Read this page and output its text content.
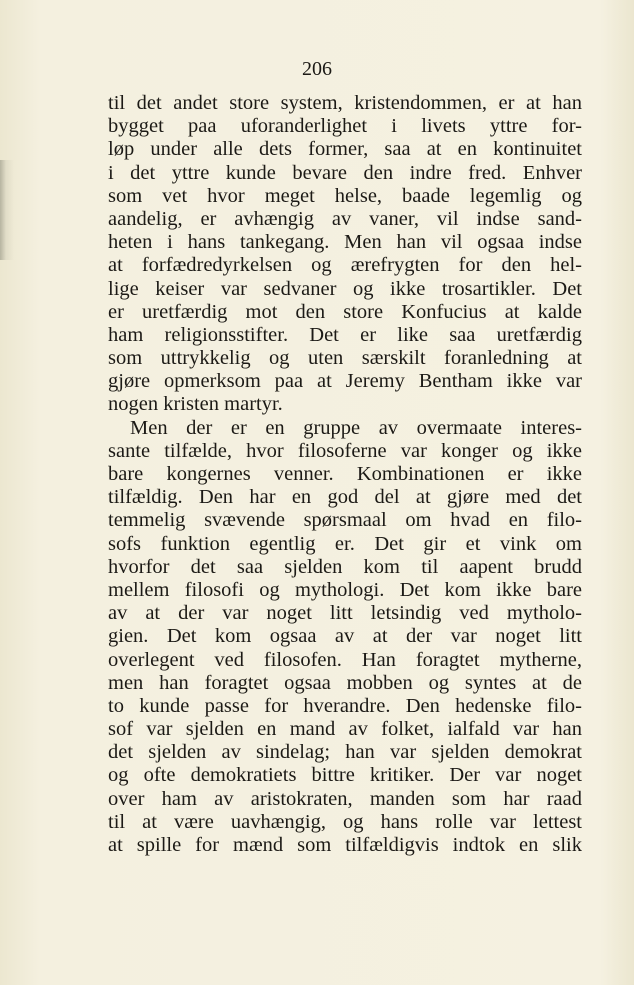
206
til det andet store system, kristendommen, er at han
bygget paa uforanderlighet i livets yttre for-
løp under alle dets former, saa at en kontinuitet
i det yttre kunde bevare den indre fred. Enhver
som vet hvor meget helse, baade legemlig og
aandelig, er avhængig av vaner, vil indse sand-
heten i hans tankegang. Men han vil ogsaa indse
at forfædredyrkelsen og ærefrygten for den hel-
lige keiser var sedvaner og ikke trosartikler. Det
er uretfærdig mot den store Konfucius at kalde
ham religionsstifter. Det er like saa uretfærdig
som uttrykkelig og uten særskilt foranledning at
gjøre opmerksom paa at Jeremy Bentham ikke var
nogen kristen martyr.
Men der er en gruppe av overmaate interes-
sante tilfælde, hvor filosoferne var konger og ikke
bare kongernes venner. Kombinationen er ikke
tilfældig. Den har en god del at gjøre med det
temmelig svævende spørsmaal om hvad en filo-
sofs funktion egentlig er. Det gir et vink om
hvorfor det saa sjelden kom til aapent brudd
mellem filosofi og mythologi. Det kom ikke bare
av at der var noget litt letsindig ved mytholo-
gien. Det kom ogsaa av at der var noget litt
overlegent ved filosofen. Han foragtet mytherne,
men han foragtet ogsaa mobben og syntes at de
to kunde passe for hverandre. Den hedenske filo-
sof var sjelden en mand av folket, ialfald var han
det sjelden av sindelag; han var sjelden demokrat
og ofte demokratiets bittre kritiker. Der var noget
over ham av aristokraten, manden som har raad
til at være uavhængig, og hans rolle var lettest
at spille for mænd som tilfældigvis indtok en slik
